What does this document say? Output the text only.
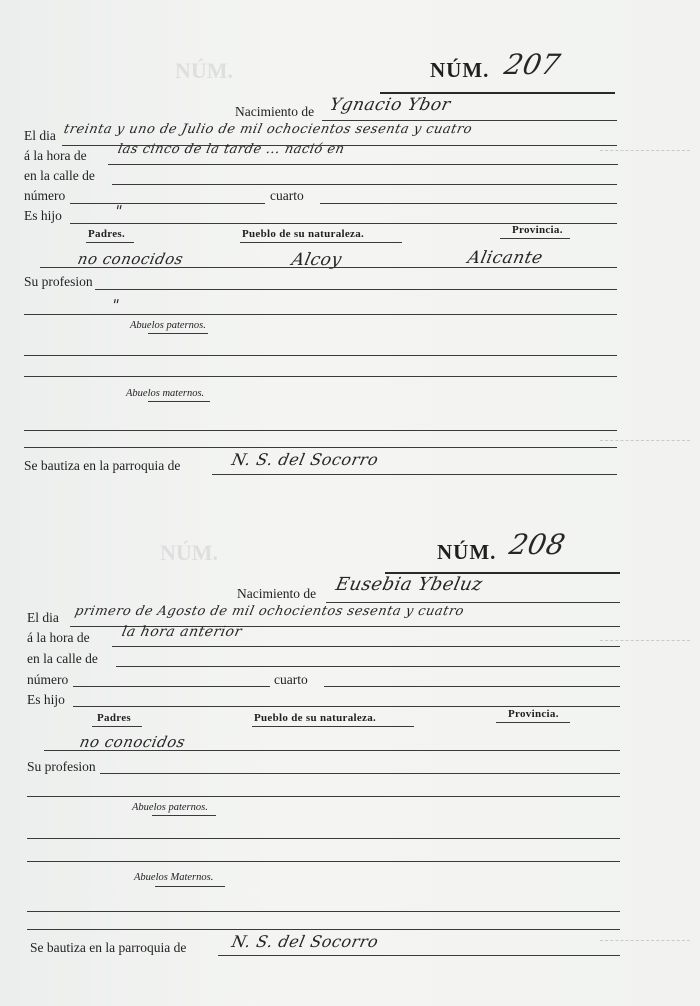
NÚM.
NÚM.
NÚM. 207
Nacimiento de Ygnacio Ybor
El dia treinta y uno de Julio de mil ochocientos sesenta y cuatro
á la hora de las cinco de la tarde ... nació en
en la calle de
número	cuarto
Es hijo	"
Padres.	Pueblo de su naturaleza.	Provincia.
no conocidos	Alcoy	Alicante
Su profesion
"
Abuelos paternos.
Abuelos maternos.
Se bautiza en la parroquia de	N. S. del Socorro
NÚM. 208
Nacimiento de Eusebia Ybeluz
El dia primero de Agosto de mil ochocientos sesenta y cuatro
á la hora de la hora anterior
en la calle de
número	cuarto
Es hijo
Padres	Pueblo de su naturaleza.	Provincia.
no conocidos
Su profesion
Abuelos paternos.
Abuelos Maternos.
Se bautiza en la parroquia de	N. S. del Socorro
